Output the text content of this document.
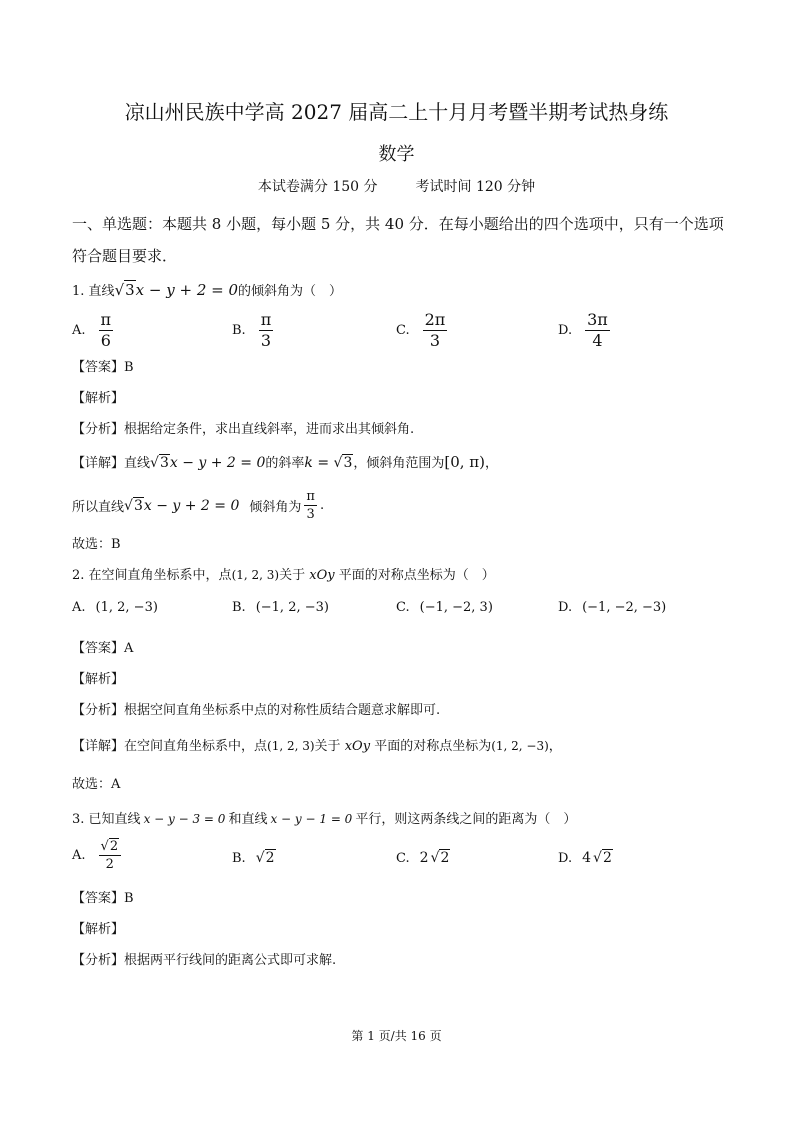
凉山州民族中学高 2027 届高二上十月月考暨半期考试热身练
数学
本试卷满分 150 分	考试时间 120 分钟
一、单选题：本题共 8 小题，每小题 5 分，共 40 分．在每小题给出的四个选项中，只有一个选项符合题目要求．
1. 直线√3x − y + 2 = 0的倾斜角为（　）
A. $\frac{\pi}{6}$	B. $\frac{\pi}{3}$	C. $\frac{2\pi}{3}$	D. $\frac{3\pi}{4}$
【答案】B
【解析】
【分析】根据给定条件，求出直线斜率，进而求出其倾斜角.
【详解】直线√3x − y + 2 = 0的斜率k = √3，倾斜角范围为[0, π)，
所以直线 √3 x − y + 2 = 0 倾斜角为 $\frac{\pi}{3}$ .
故选：B
2. 在空间直角坐标系中，点(1, 2, 3)关于 xOy 平面的对称点坐标为（　）
A. (1, 2, −3)	B. (−1, 2, −3)	C. (−1, −2, 3)	D. (−1, −2, −3)
【答案】A
【解析】
【分析】根据空间直角坐标系中点的对称性质结合题意求解即可.
【详解】在空间直角坐标系中，点(1, 2, 3)关于 xOy 平面的对称点坐标为(1, 2, −3)，
故选：A
3. 已知直线 x − y − 3 = 0 和直线 x − y − 1 = 0 平行，则这两条线之间的距离为（　）
A. $\frac{√2}{2}$	B. √2	C. 2 √2	D. 4 √2
【答案】B
【解析】
【分析】根据两平行线间的距离公式即可求解.
第 1 页/共 16 页
